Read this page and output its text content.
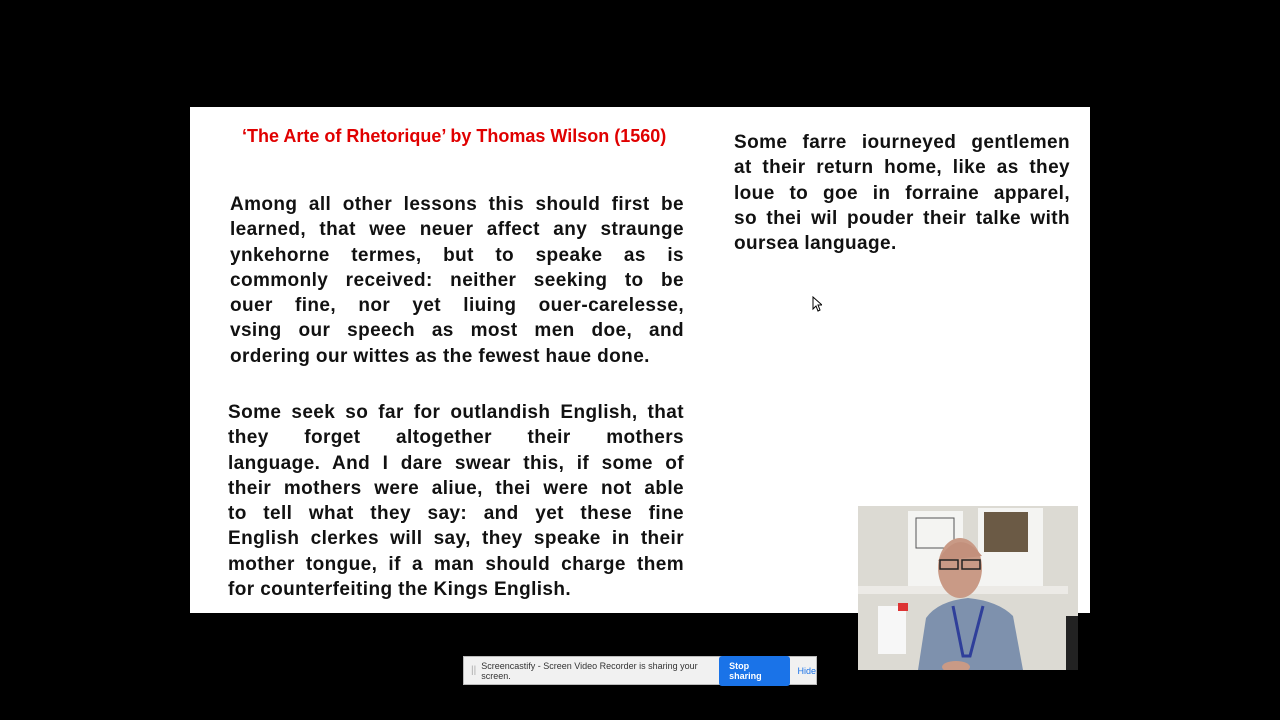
‘The Arte of Rhetorique’ by Thomas Wilson (1560)
Among all other lessons this should first be
learned, that wee neuer affect any straunge
ynkehorne termes, but to speake as is
commonly received: neither seeking to be
ouer fine, nor yet liuing ouer-carelesse,
vsing our speech as most men doe, and
ordering our wittes as the fewest haue done.
Some seek so far for outlandish English, that
they forget altogether their mothers
language. And I dare swear this, if some of
their mothers were aliue, thei were not able
to tell what they say: and yet these fine
English clerkes will say, they speake in their
mother tongue, if a man should charge them
for counterfeiting the Kings English.
Some farre iourneyed gentlemen
at their return home, like as they
loue to goe in forraine apparel,
so thei wil pouder their talke with
oursea language.
|| Screencastify - Screen Video Recorder is sharing your screen.
Stop sharing	Hide
